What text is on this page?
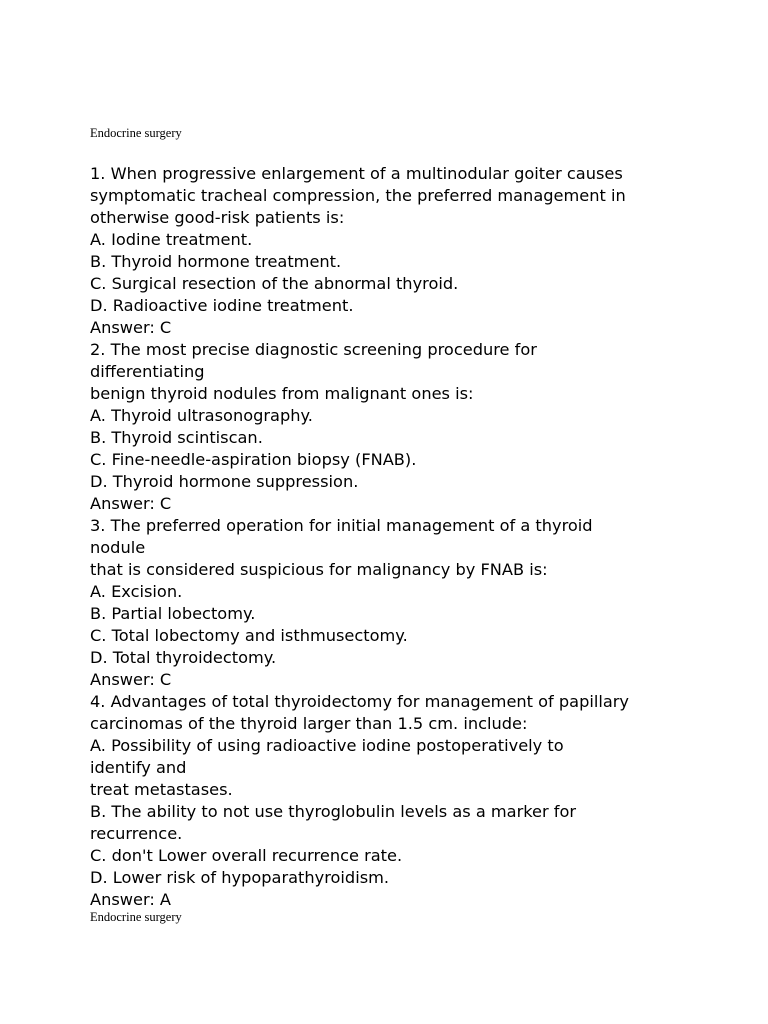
Endocrine surgery
1. When progressive enlargement of a multinodular goiter causes
symptomatic tracheal compression, the preferred management in
otherwise good-risk patients is:
A. Iodine treatment.
B. Thyroid hormone treatment.
C. Surgical resection of the abnormal thyroid.
D. Radioactive iodine treatment.
Answer: C
2. The most precise diagnostic screening procedure for
differentiating
benign thyroid nodules from malignant ones is:
A. Thyroid ultrasonography.
B. Thyroid scintiscan.
C. Fine-needle-aspiration biopsy (FNAB).
D. Thyroid hormone suppression.
Answer: C
3. The preferred operation for initial management of a thyroid
nodule
that is considered suspicious for malignancy by FNAB is:
A. Excision.
B. Partial lobectomy.
C. Total lobectomy and isthmusectomy.
D. Total thyroidectomy.
Answer: C
4. Advantages of total thyroidectomy for management of papillary
carcinomas of the thyroid larger than 1.5 cm. include:
A. Possibility of using radioactive iodine postoperatively to
identify and
treat metastases.
B. The ability to not use thyroglobulin levels as a marker for
recurrence.
C. don't Lower overall recurrence rate.
D. Lower risk of hypoparathyroidism.
Answer: A
Endocrine surgery
